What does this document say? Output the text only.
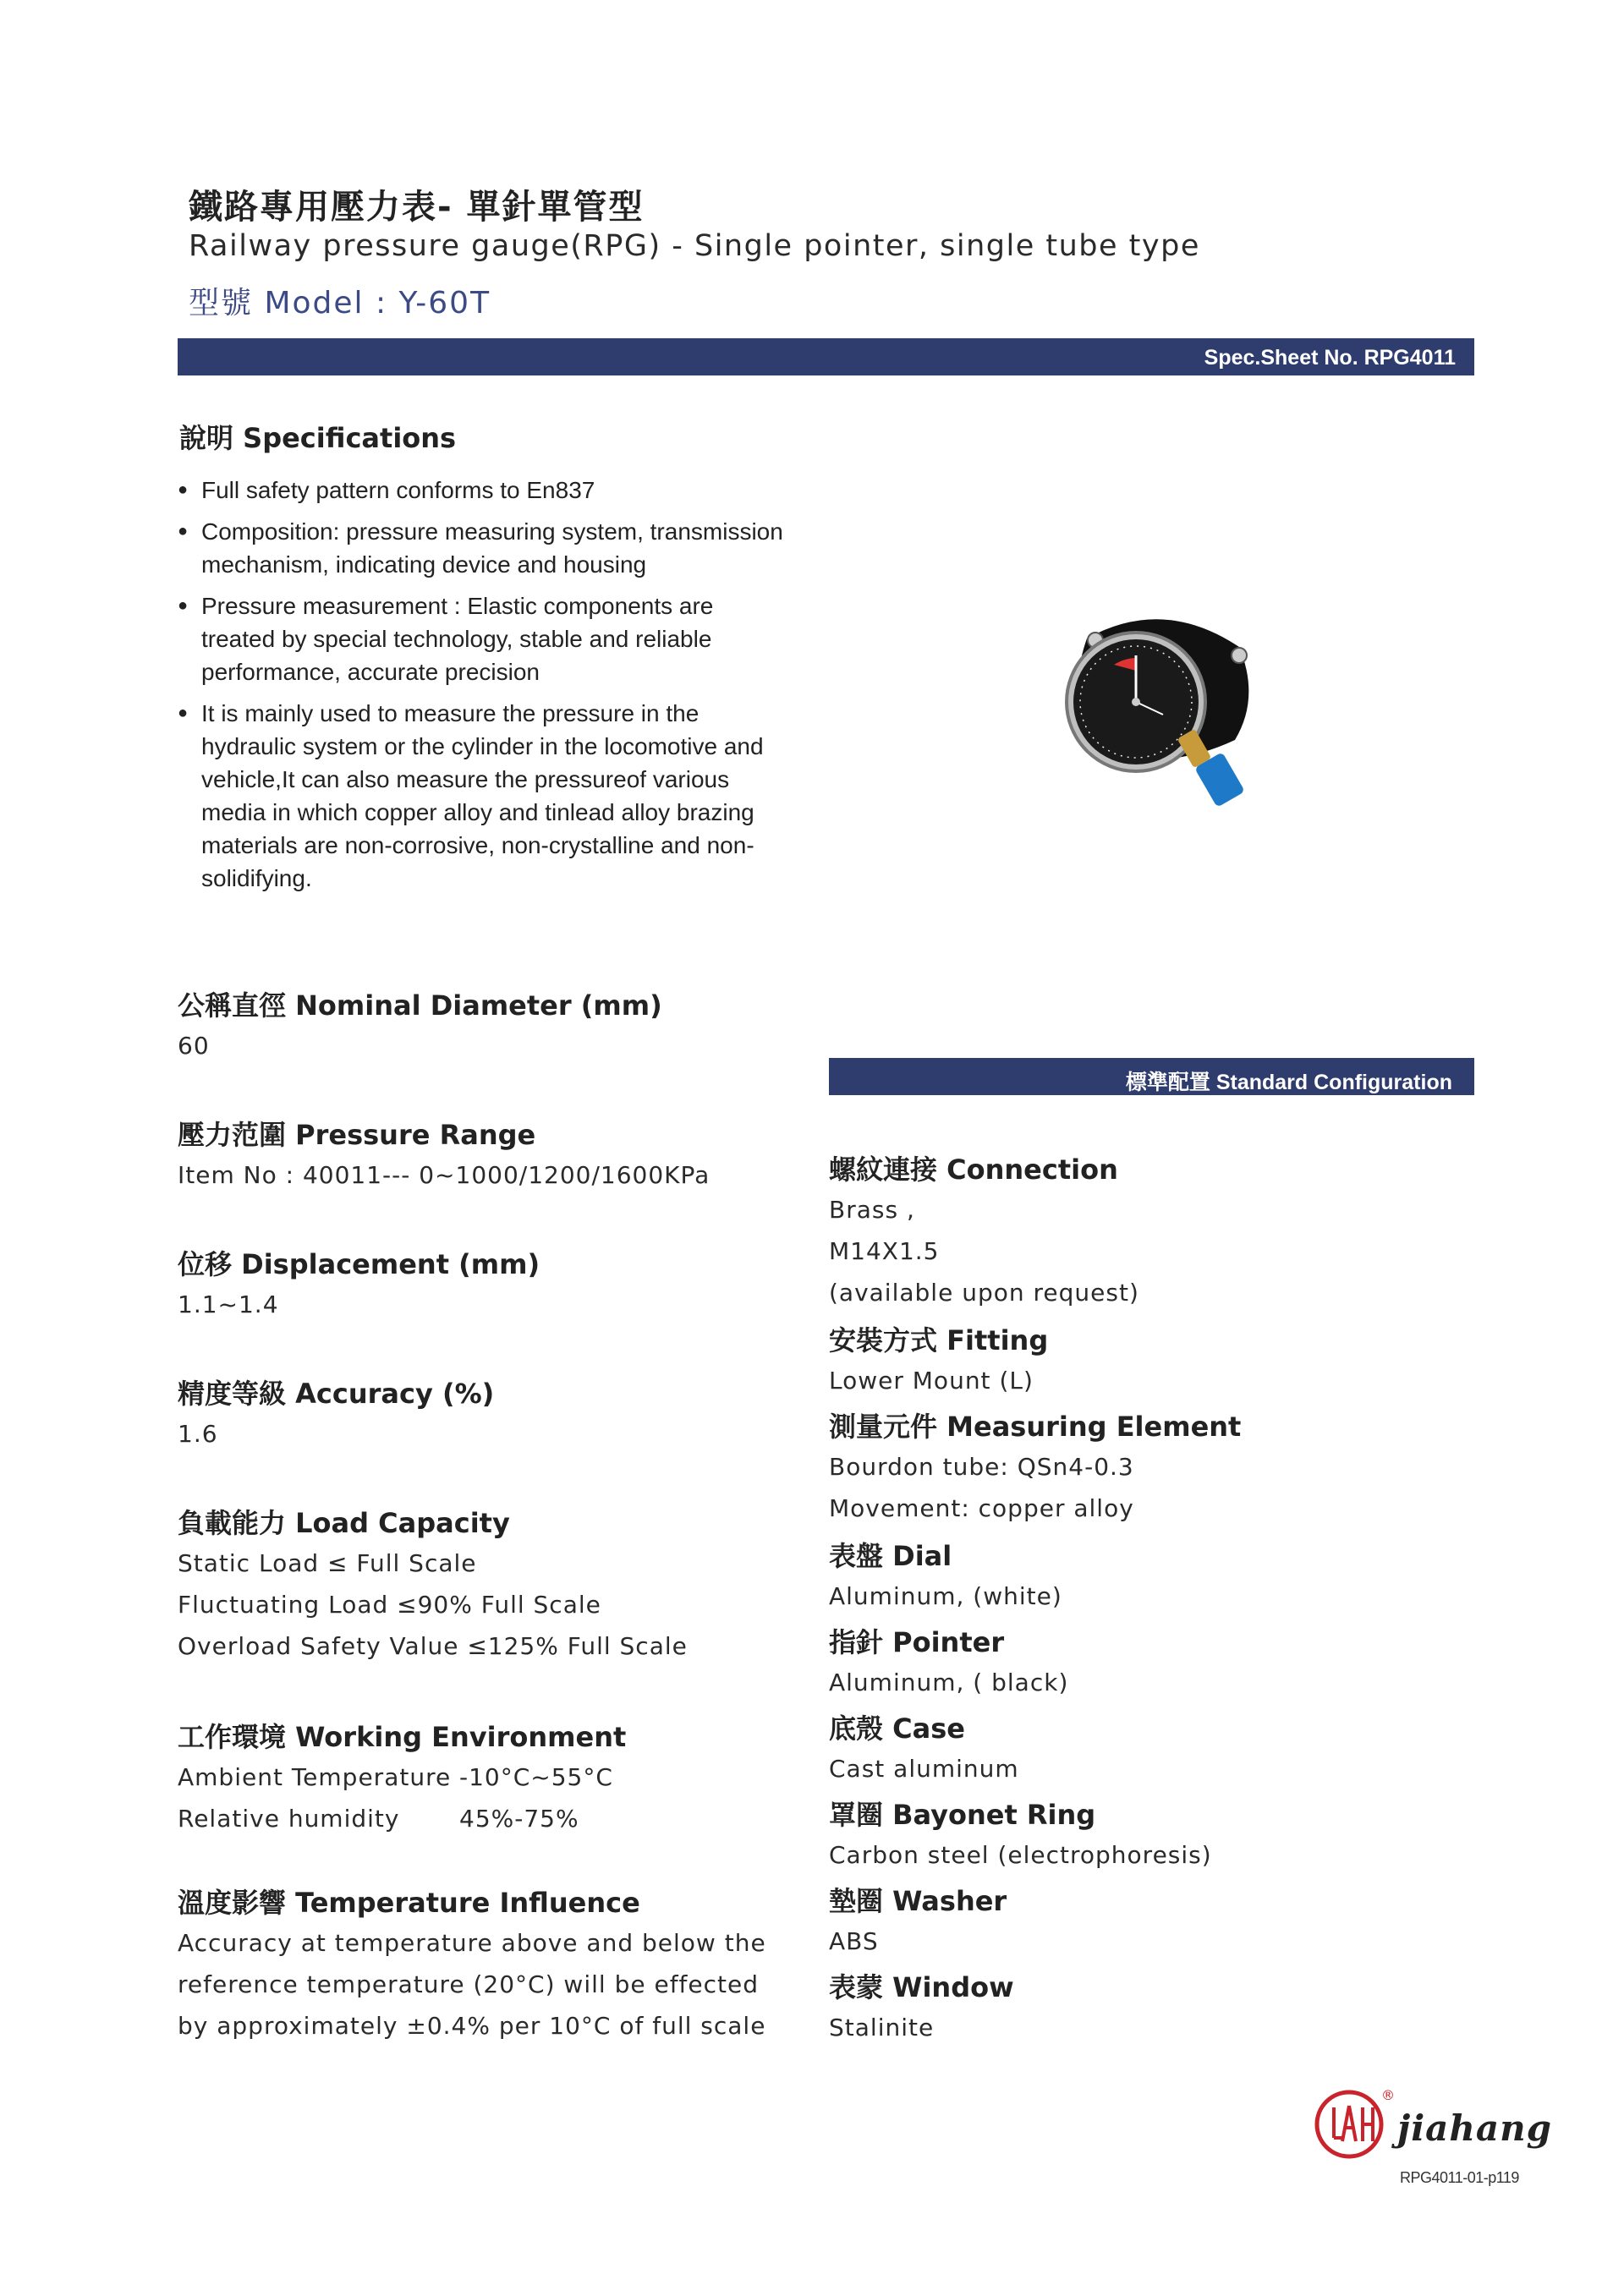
鐵路專用壓力表- 單針單管型
Railway pressure gauge(RPG) - Single pointer, single tube type
型號 Model : Y-60T
Spec.Sheet No. RPG4011
說明 Specifications
● Full safety pattern conforms to En837
● Composition: pressure measuring system, transmission mechanism, indicating device and housing
● Pressure measurement : Elastic components are treated by special technology, stable and reliable performance, accurate precision
● It is mainly used to measure the pressure in the hydraulic system or the cylinder in the locomotive and vehicle,It can also measure the pressureof various media in which copper alloy and tinlead alloy brazing materials are non-corrosive, non-crystalline and non-solidifying.
公稱直徑 Nominal Diameter (mm)
60
壓力范圍 Pressure Range
Item No : 40011--- 0~1000/1200/1600KPa
位移 Displacement (mm)
1.1~1.4
精度等級 Accuracy (%)
1.6
負載能力 Load Capacity
Static Load ≤ Full Scale
Fluctuating Load ≤90% Full Scale
Overload Safety Value ≤125% Full Scale
工作環境 Working Environment
Ambient Temperature -10°C~55°C
Relative humidity	45%-75%
溫度影響 Temperature Influence
Accuracy at temperature above and below the
reference temperature (20°C) will be effected
by approximately ±0.4% per 10°C of full scale
標準配置 Standard Configuration
螺紋連接 Connection
Brass ,
M14X1.5
(available upon request)
安裝方式 Fitting
Lower Mount (L)
測量元件 Measuring Element
Bourdon tube: QSn4-0.3
Movement: copper alloy
表盤 Dial
Aluminum, (white)
指針 Pointer
Aluminum, ( black)
底殼 Case
Cast aluminum
罩圈 Bayonet Ring
Carbon steel (electrophoresis)
墊圈 Washer
ABS
表蒙 Window
Stalinite
®
jiahang
RPG4011-01-p119
